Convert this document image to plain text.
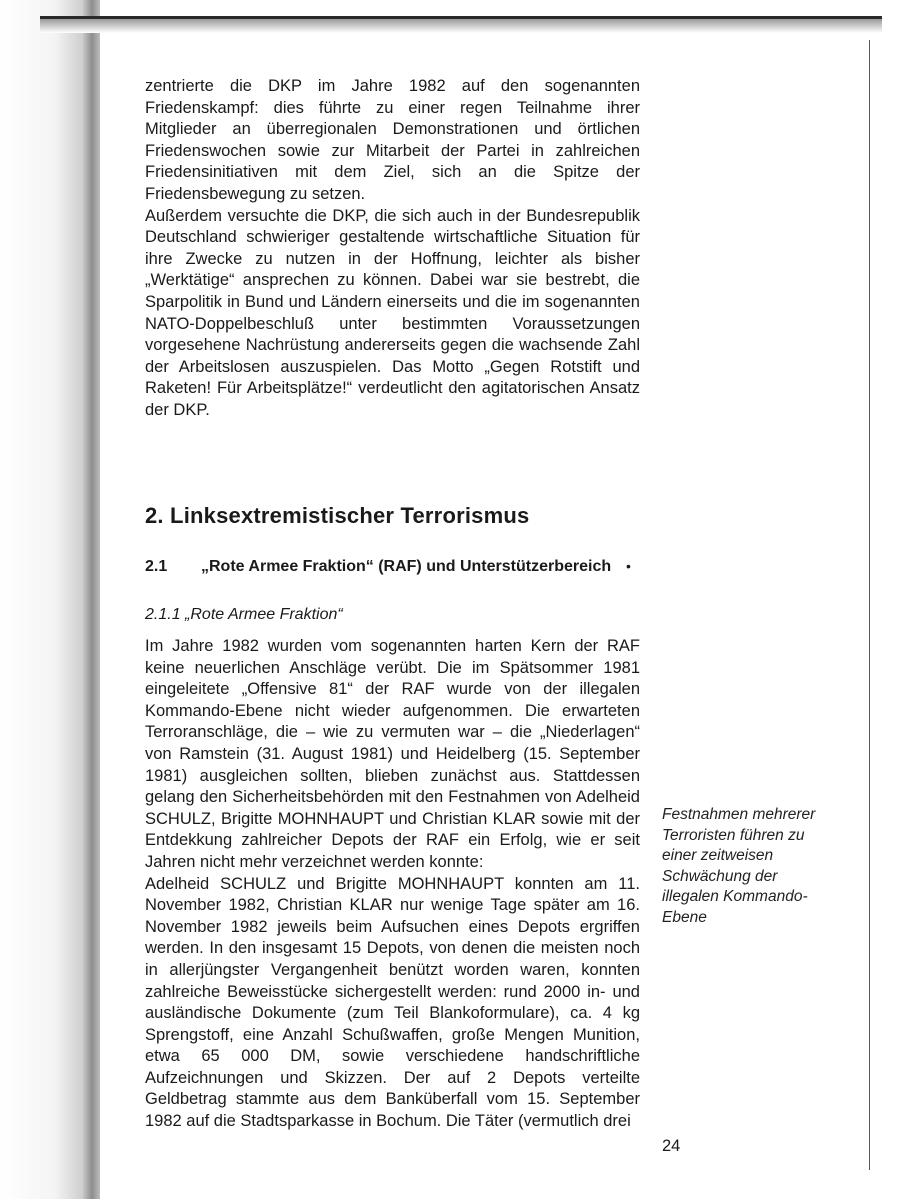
zentrierte die DKP im Jahre 1982 auf den sogenannten Friedenskampf: dies führte zu einer regen Teilnahme ihrer Mitglieder an überregionalen Demonstrationen und örtlichen Friedenswochen sowie zur Mitarbeit der Partei in zahlreichen Friedensinitiativen mit dem Ziel, sich an die Spitze der Friedensbewegung zu setzen.

Außerdem versuchte die DKP, die sich auch in der Bundesrepublik Deutschland schwieriger gestaltende wirtschaftliche Situation für ihre Zwecke zu nutzen in der Hoffnung, leichter als bisher „Werktätige“ ansprechen zu können. Dabei war sie bestrebt, die Sparpolitik in Bund und Ländern einerseits und die im sogenannten NATO-Doppelbeschluß unter bestimmten Voraussetzungen vorgesehene Nachrüstung andererseits gegen die wachsende Zahl der Arbeitslosen auszuspielen. Das Motto „Gegen Rotstift und Raketen! Für Arbeitsplätze!“ verdeutlicht den agitatorischen Ansatz der DKP.

2. Linksextremistischer Terrorismus
2.1	„Rote Armee Fraktion“ (RAF) und Unterstützerbereich •
2.1.1 „Rote Armee Fraktion“

Im Jahre 1982 wurden vom sogenannten harten Kern der RAF keine neuerlichen Anschläge verübt. Die im Spätsommer 1981 eingeleitete „Offensive 81“ der RAF wurde von der illegalen Kommando-Ebene nicht wieder aufgenommen. Die erwarteten Terroranschläge, die – wie zu vermuten war – die „Niederlagen“ von Ramstein (31. August 1981) und Heidelberg (15. September 1981) ausgleichen sollten, blieben zunächst aus. Stattdessen gelang den Sicherheitsbehörden mit den Festnahmen von Adelheid SCHULZ, Brigitte MOHNHAUPT und Christian KLAR sowie mit der Entdekkung zahlreicher Depots der RAF ein Erfolg, wie er seit Jahren nicht mehr verzeichnet werden konnte:

Adelheid SCHULZ und Brigitte MOHNHAUPT konnten am 11. November 1982, Christian KLAR nur wenige Tage später am 16. November 1982 jeweils beim Aufsuchen eines Depots ergriffen werden. In den insgesamt 15 Depots, von denen die meisten noch in allerjüngster Vergangenheit benützt worden waren, konnten zahlreiche Beweisstücke sichergestellt werden: rund 2000 in- und ausländische Dokumente (zum Teil Blankoformulare), ca. 4 kg Sprengstoff, eine Anzahl Schußwaffen, große Mengen Munition, etwa 65 000 DM, sowie verschiedene handschriftliche Aufzeichnungen und Skizzen. Der auf 2 Depots verteilte Geldbetrag stammte aus dem Banküberfall vom 15. September 1982 auf die Stadtsparkasse in Bochum. Die Täter (vermutlich drei

Festnahmen mehrerer Terroristen führen zu einer zeitweisen Schwächung der illegalen Kommando-Ebene
24
